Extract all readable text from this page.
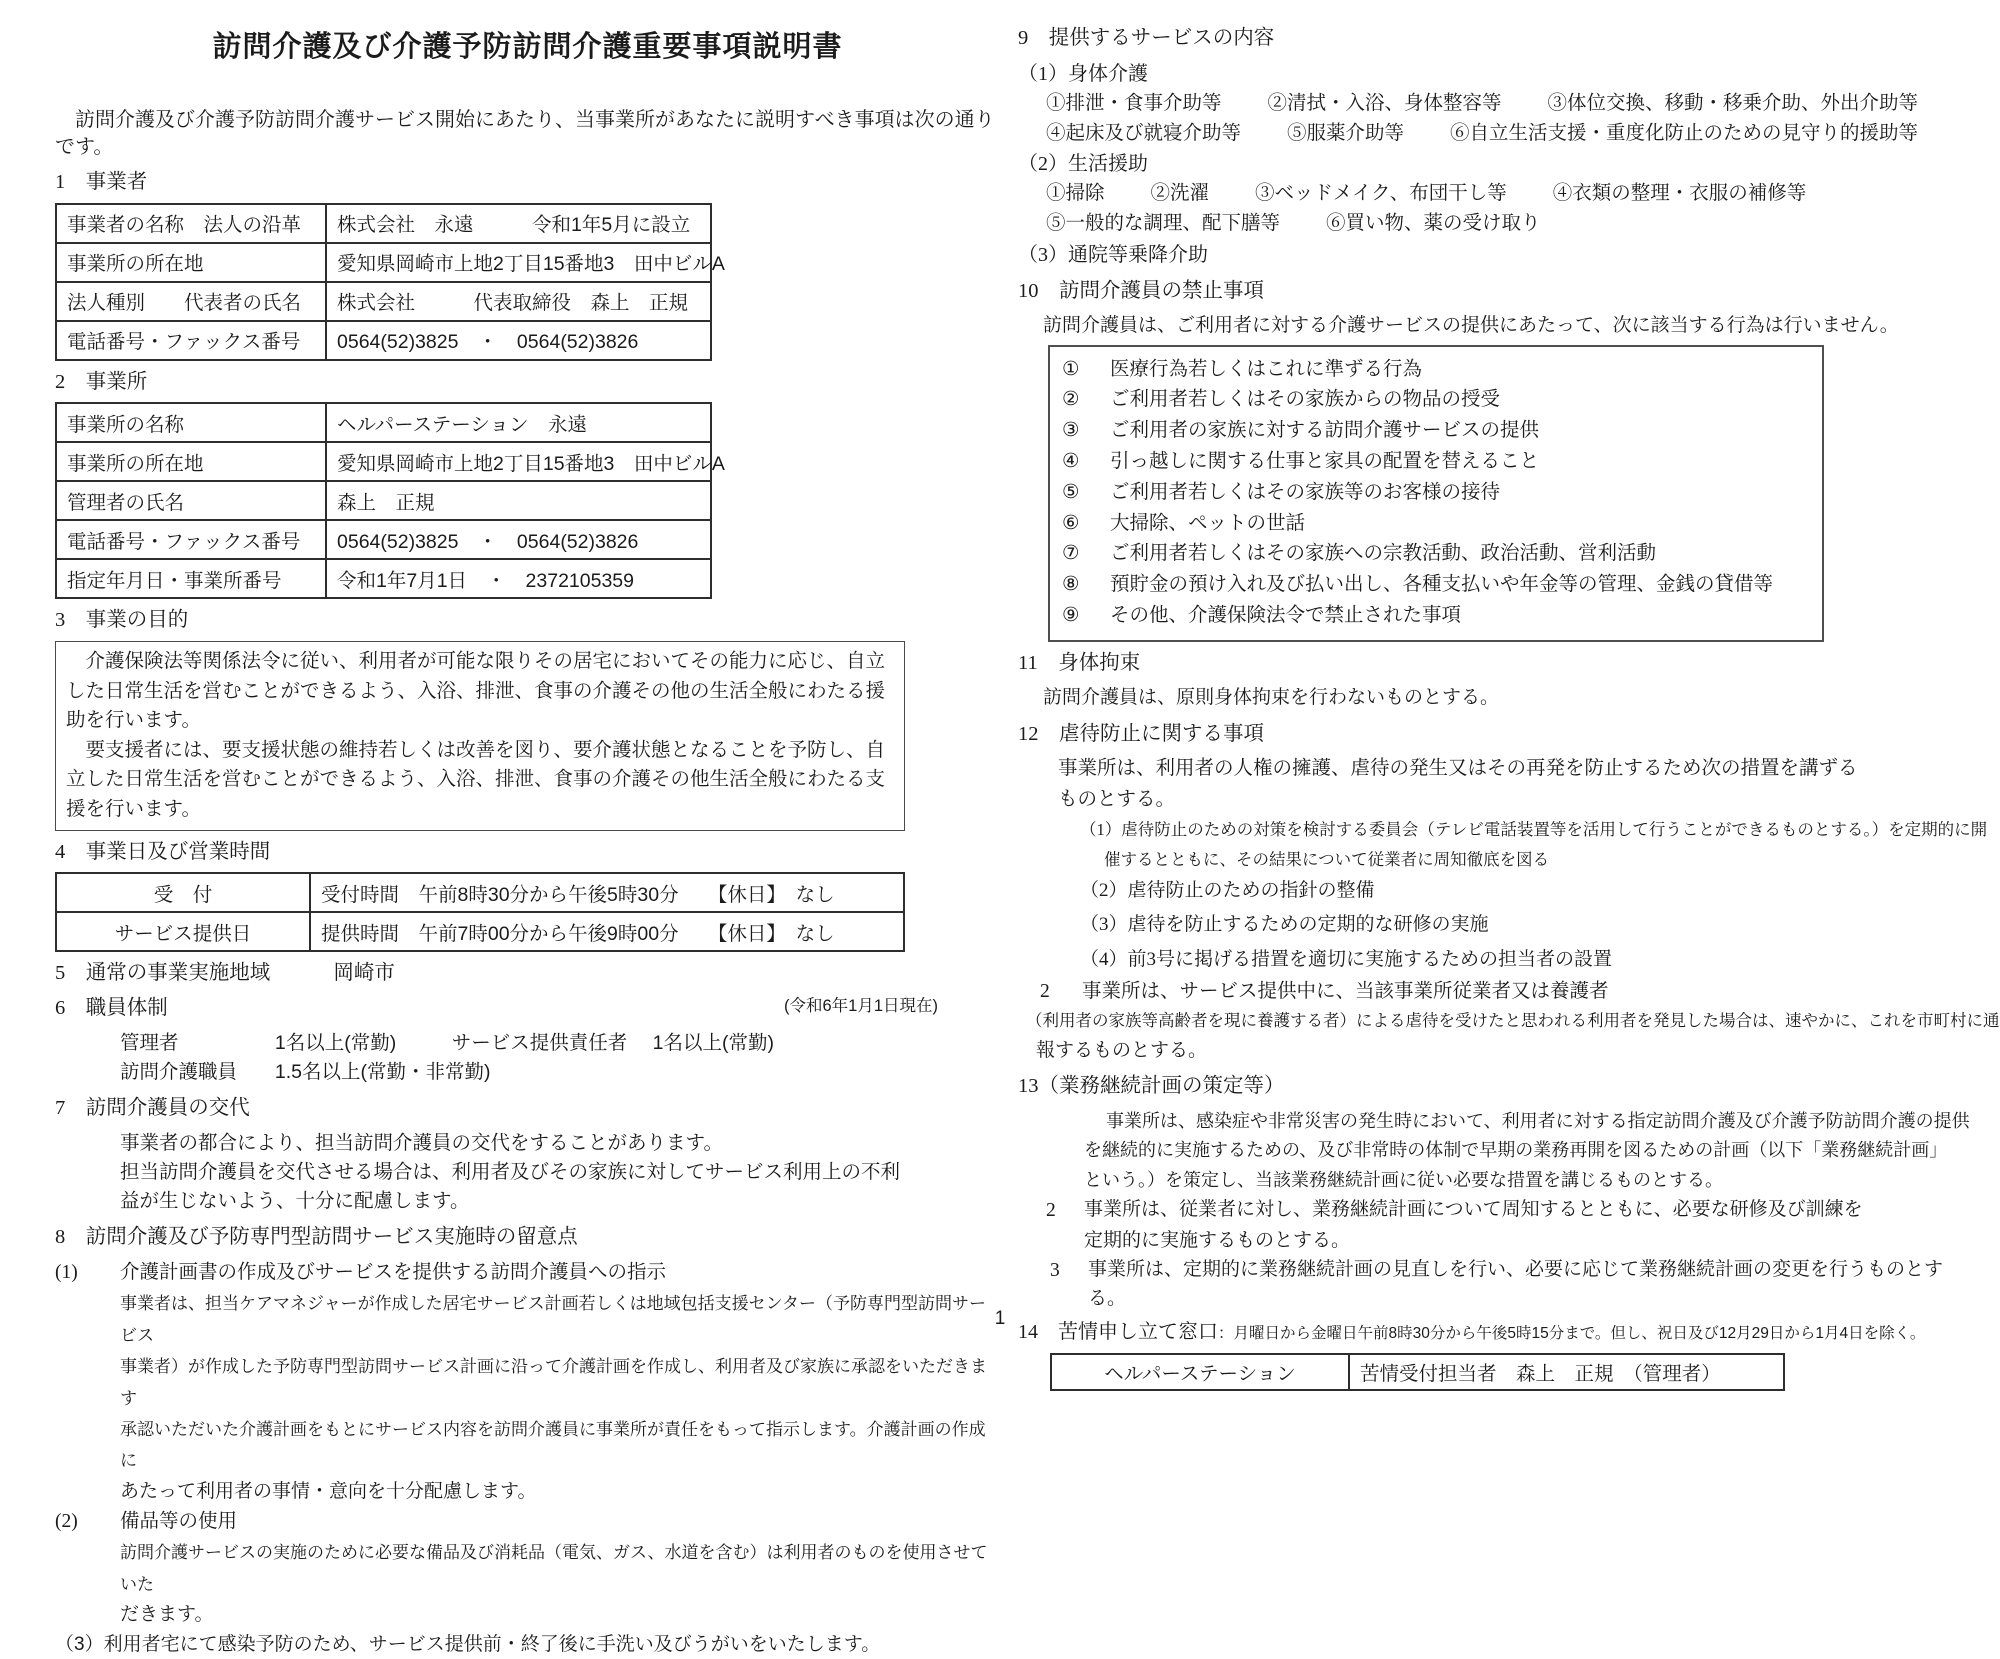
訪問介護及び介護予防訪問介護重要事項説明書

訪問介護及び介護予防訪問介護サービス開始にあたり、当事業所があなたに説明すべき事項は次の通りです。

1　事業者
事業者の名称　法人の沿革	株式会社　永遠　　　令和1年5月に設立
事業所の所在地	愛知県岡崎市上地2丁目15番地3　田中ビルA
法人種別　　代表者の氏名	株式会社　　　代表取締役　森上　正規
電話番号・ファックス番号	0564(52)3825　・　0564(52)3826
2　事業所
事業所の名称	ヘルパーステーション　永遠
事業所の所在地	愛知県岡崎市上地2丁目15番地3　田中ビルA
管理者の氏名	森上　正規
電話番号・ファックス番号	0564(52)3825　・　0564(52)3826
指定年月日・事業所番号	令和1年7月1日　・　2372105359
3　事業の目的

介護保険法等関係法令に従い、利用者が可能な限りその居宅においてその能力に応じ、自立した日常生活を営むことができるよう、入浴、排泄、食事の介護その他の生活全般にわたる援助を行います。

要支援者には、要支援状態の維持若しくは改善を図り、要介護状態となることを予防し、自立した日常生活を営むことができるよう、入浴、排泄、食事の介護その他生活全般にわたる支援を行います。

4　事業日及び営業時間
受　付	受付時間　午前8時30分から午後5時30分　　【休日】　なし
サービス提供日	提供時間　午前7時00分から午後9時00分　　【休日】　なし
5　通常の事業実施地域	岡崎市
(令和6年1月1日現在)
6　職員体制
管理者	1名以上(常勤)	サービス提供責任者 1名以上(常勤)
訪問介護職員 1.5名以上(常勤・非常勤)
7　訪問介護員の交代
事業者の都合により、担当訪問介護員の交代をすることがあります。
担当訪問介護員を交代させる場合は、利用者及びその家族に対してサービス利用上の不利
益が生じないよう、十分に配慮します。
8　訪問介護及び予防専門型訪問サービス実施時の留意点
(1)	介護計画書の作成及びサービスを提供する訪問介護員への指示
事業者は、担当ケアマネジャーが作成した居宅サービス計画若しくは地域包括支援センター（予防専門型訪問サービス
事業者）が作成した予防専門型訪問サービス計画に沿って介護計画を作成し、利用者及び家族に承認をいただきます
承認いただいた介護計画をもとにサービス内容を訪問介護員に事業所が責任をもって指示します。介護計画の作成に
あたって利用者の事情・意向を十分配慮します。
(2)	備品等の使用
訪問介護サービスの実施のために必要な備品及び消耗品（電気、ガス、水道を含む）は利用者のものを使用させていた
だきます。
（3）利用者宅にて感染予防のため、サービス提供前・終了後に手洗い及びうがいをいたします。
9　提供するサービスの内容
（1）身体介護
①排泄・食事介助等 ②清拭・入浴、身体整容等 ③体位交換、移動・移乗介助、外出介助等
④起床及び就寝介助等 ⑤服薬介助等 ⑥自立生活支援・重度化防止のための見守り的援助等
（2）生活援助
①掃除 ②洗濯 ③ベッドメイク、布団干し等 ④衣類の整理・衣服の補修等
⑤一般的な調理、配下膳等 ⑥買い物、薬の受け取り
（3）通院等乗降介助
10　訪問介護員の禁止事項
訪問介護員は、ご利用者に対する介護サービスの提供にあたって、次に該当する行為は行いません。
①	医療行為若しくはこれに準ずる行為
②	ご利用者若しくはその家族からの物品の授受
③	ご利用者の家族に対する訪問介護サービスの提供
④	引っ越しに関する仕事と家具の配置を替えること
⑤	ご利用者若しくはその家族等のお客様の接待
⑥	大掃除、ペットの世話
⑦	ご利用者若しくはその家族への宗教活動、政治活動、営利活動
⑧	預貯金の預け入れ及び払い出し、各種支払いや年金等の管理、金銭の貸借等
⑨	その他、介護保険法令で禁止された事項
11　身体拘束
訪問介護員は、原則身体拘束を行わないものとする。
12　虐待防止に関する事項
事業所は、利用者の人権の擁護、虐待の発生又はその再発を防止するため次の措置を講ずる
ものとする。
（1）虐待防止のための対策を検討する委員会（テレビ電話装置等を活用して行うことができるものとする。）を定期的に開
催するとともに、その結果について従業者に周知徹底を図る
（2）虐待防止のための指針の整備
（3）虐待を防止するための定期的な研修の実施
（4）前3号に掲げる措置を適切に実施するための担当者の設置
2	事業所は、サービス提供中に、当該事業所従業者又は養護者
（利用者の家族等高齢者を現に養護する者）による虐待を受けたと思われる利用者を発見した場合は、速やかに、これを市町村に通
報するものとする。
13（業務継続計画の策定等）
事業所は、感染症や非常災害の発生時において、利用者に対する指定訪問介護及び介護予防訪問介護の提供
を継続的に実施するための、及び非常時の体制で早期の業務再開を図るための計画（以下「業務継続計画」
という。）を策定し、当該業務継続計画に従い必要な措置を講じるものとする。
2	事業所は、従業者に対し、業務継続計画について周知するとともに、必要な研修及び訓練を
定期的に実施するものとする。
3	事業所は、定期的に業務継続計画の見直しを行い、必要に応じて業務継続計画の変更を行うものとする。
14　苦情申し立て窓口 ：月曜日から金曜日午前8時30分から午後5時15分まで。但し、祝日及び12月29日から1月4日を除く。
ヘルパーステーション	苦情受付担当者　森上　正規　（管理者）
1
